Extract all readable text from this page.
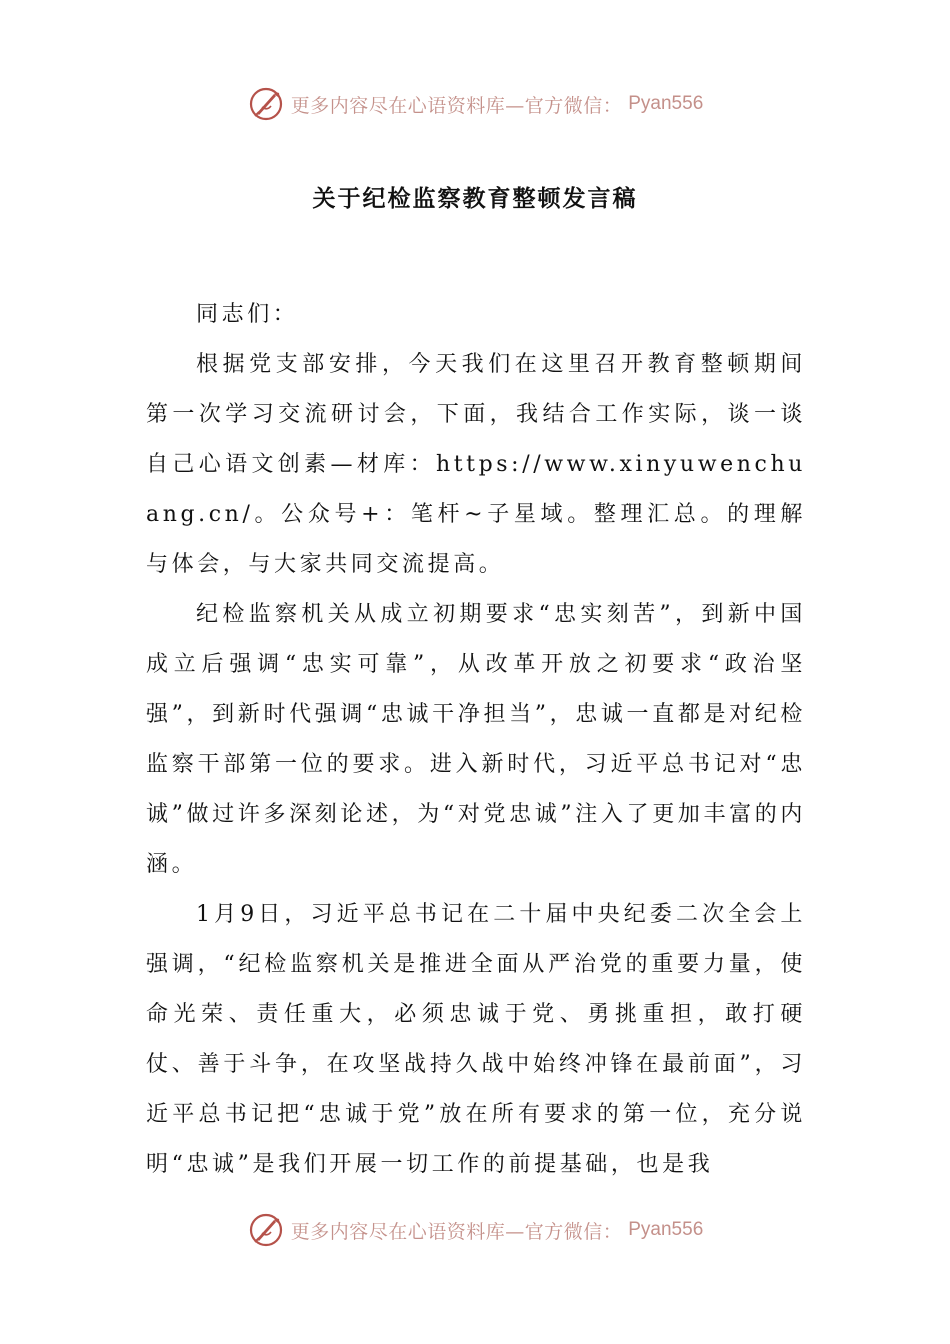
更多内容尽在心语资料库—官方微信： Pyan556
关于纪检监察教育整顿发言稿

同志们：

根据党支部安排，今天我们在这里召开教育整顿期间第一次学习交流研讨会，下面，我结合工作实际，谈一谈自己心语文创素—材库：https://www.xinyuwenchuang.cn/。公众号+：笔杆~子星域。整理汇总。的理解与体会，与大家共同交流提高。

纪检监察机关从成立初期要求“忠实刻苦”，到新中国成立后强调“忠实可靠”，从改革开放之初要求“政治坚强”，到新时代强调“忠诚干净担当”，忠诚一直都是对纪检监察干部第一位的要求。进入新时代，习近平总书记对“忠诚”做过许多深刻论述，为“对党忠诚”注入了更加丰富的内涵。

1月9日，习近平总书记在二十届中央纪委二次全会上强调，“纪检监察机关是推进全面从严治党的重要力量，使命光荣、责任重大，必须忠诚于党、勇挑重担，敢打硬仗、善于斗争，在攻坚战持久战中始终冲锋在最前面”，习近平总书记把“忠诚于党”放在所有要求的第一位，充分说明“忠诚”是我们开展一切工作的前提基础，也是我

更多内容尽在心语资料库—官方微信： Pyan556
